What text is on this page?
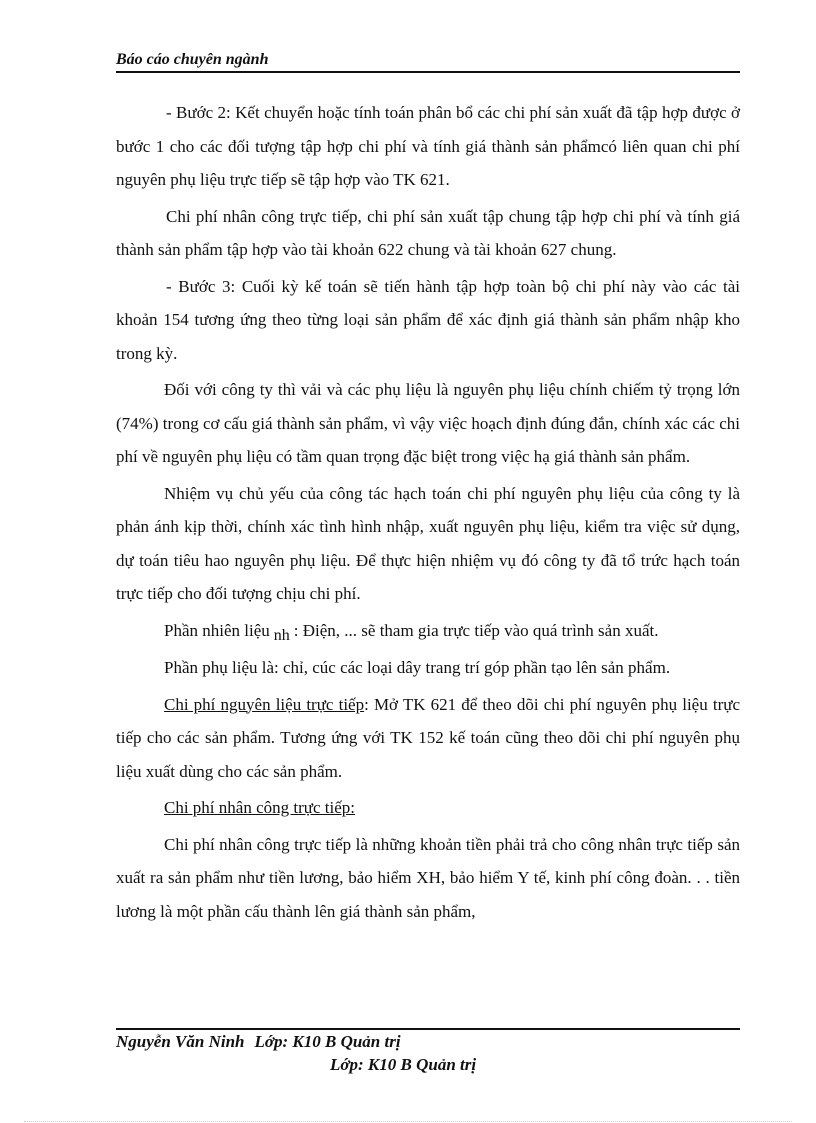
Báo cáo chuyên ngành

- Bước 2: Kết chuyển hoặc tính toán phân bổ các chi phí sản xuất đã tập hợp được ở bước 1 cho các đối tượng tập hợp chi phí và tính giá thành sản phẩmcó liên quan chi phí nguyên phụ liệu trực tiếp sẽ tập hợp vào TK 621.

Chi phí nhân công trực tiếp, chi phí sản xuất tập chung tập hợp chi phí và tính giá thành sản phẩm tập hợp vào tài khoản 622 chung và tài khoản 627 chung.

- Bước 3: Cuối kỳ kế toán sẽ tiến hành tập hợp toàn bộ chi phí này vào các tài khoản 154 tương ứng theo từng loại sản phẩm để xác định giá thành sản phẩm nhập kho trong kỳ.

Đối với công ty thì vải và các phụ liệu là nguyên phụ liệu chính chiếm tỷ trọng lớn (74%) trong cơ cấu giá thành sản phẩm, vì vậy việc hoạch định đúng đắn, chính xác các chi phí về nguyên phụ liệu có tầm quan trọng đặc biệt trong việc hạ giá thành sản phẩm.

Nhiệm vụ chủ yếu của công tác hạch toán chi phí nguyên phụ liệu của công ty là phản ánh kịp thời, chính xác tình hình nhập, xuất nguyên phụ liệu, kiểm tra việc sử dụng, dự toán tiêu hao nguyên phụ liệu. Để thực hiện nhiệm vụ đó công ty đã tổ trức hạch toán trực tiếp cho đối tượng chịu chi phí.

Phần nhiên liệu nh : Điện, ... sẽ tham gia trực tiếp vào quá trình sản xuất.

Phần phụ liệu là: chỉ, cúc các loại dây trang trí góp phần tạo lên sản phẩm.

Chi phí nguyên liệu trực tiếp: Mở TK 621 để theo dõi chi phí nguyên phụ liệu trực tiếp cho các sản phẩm. Tương ứng với TK 152 kế toán cũng theo dõi chi phí nguyên phụ liệu xuất dùng cho các sản phẩm.

Chi phí nhân công trực tiếp:

Chi phí nhân công trực tiếp là những khoản tiền phải trả cho công nhân trực tiếp sản xuất ra sản phẩm như tiền lương, bảo hiểm XH, bảo hiểm Y tế, kinh phí công đoàn. . . tiền lương là một phần cấu thành lên giá thành sản phẩm,

Nguyễn Văn Ninh Lớp: K10 B Quản trị
Lớp: K10 B Quản trị
